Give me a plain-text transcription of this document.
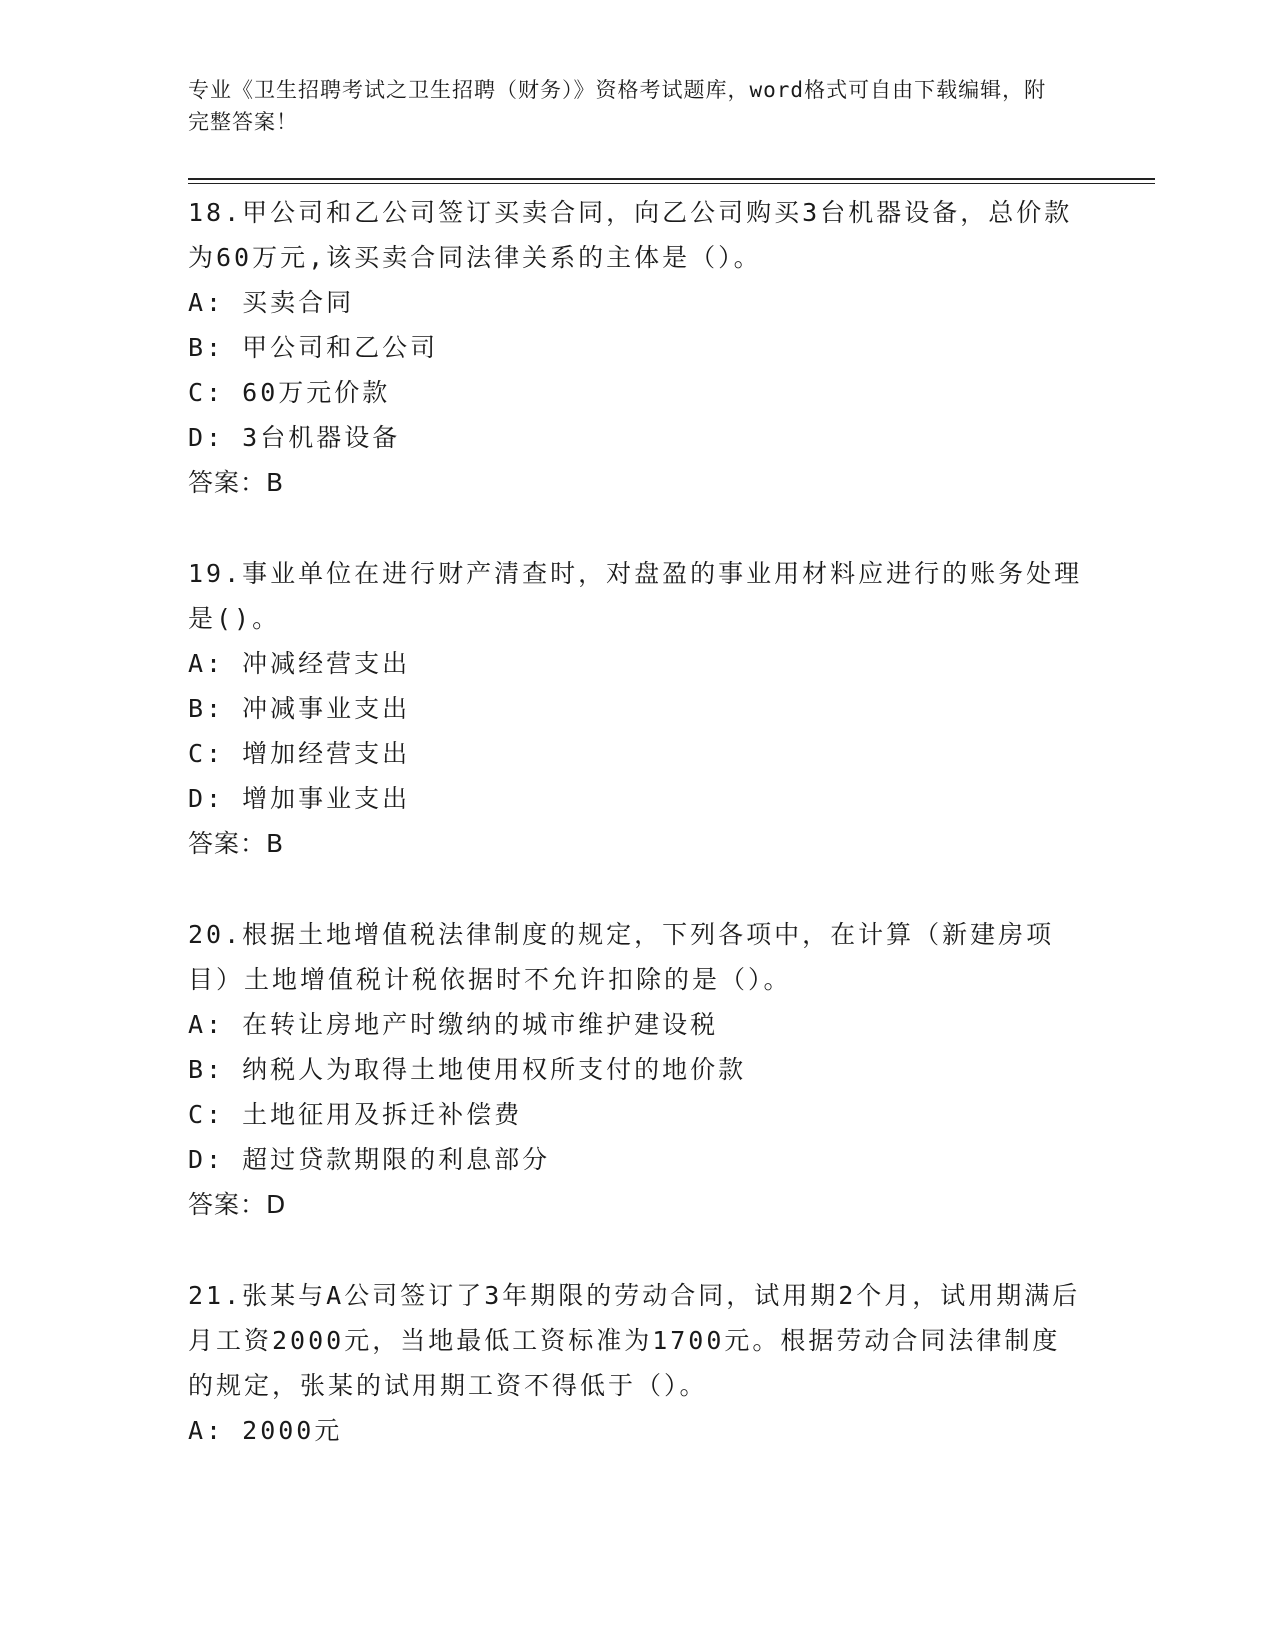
专业《卫生招聘考试之卫生招聘（财务）》资格考试题库，word格式可自由下载编辑，附完整答案！
18.甲公司和乙公司签订买卖合同，向乙公司购买3台机器设备，总价款为60万元,该买卖合同法律关系的主体是（）。
A: 买卖合同
B: 甲公司和乙公司
C: 60万元价款
D: 3台机器设备
答案：B
19.事业单位在进行财产清查时，对盘盈的事业用材料应进行的账务处理是()。
A: 冲减经营支出
B: 冲减事业支出
C: 增加经营支出
D: 增加事业支出
答案：B
20.根据土地增值税法律制度的规定，下列各项中，在计算（新建房项目）土地增值税计税依据时不允许扣除的是（）。
A: 在转让房地产时缴纳的城市维护建设税
B: 纳税人为取得土地使用权所支付的地价款
C: 土地征用及拆迁补偿费
D: 超过贷款期限的利息部分
答案：D
21.张某与A公司签订了3年期限的劳动合同，试用期2个月，试用期满后月工资2000元，当地最低工资标准为1700元。根据劳动合同法律制度的规定，张某的试用期工资不得低于（）。
A: 2000元
